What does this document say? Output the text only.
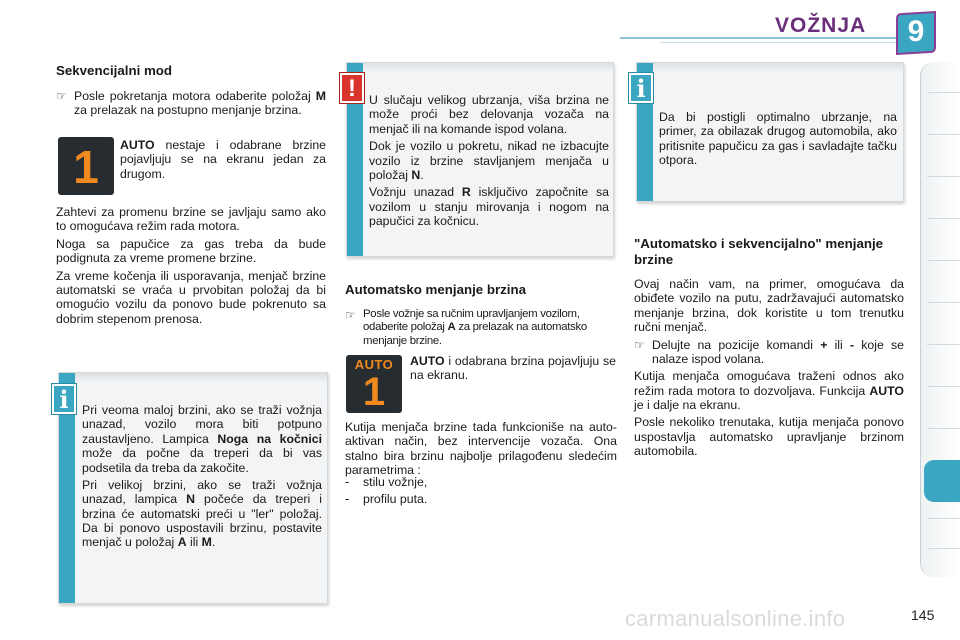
VOŽNJA	9
Sekvencijalni mod
☞ Posle pokretanja motora odaberite položaj M za prelazak na postupno menjanje brzina.
1	AUTO nestaje i odabrane brzine pojavljuju se na ekranu jedan za drugom.

Zahtevi za promenu brzine se javljaju samo ako to omogućava režim rada motora.

Noga sa papučice za gas treba da bude podignuta za vreme promene brzine.

Za vreme kočenja ili usporavanja, menjač brzine automatski se vraća u prvobitan položaj da bi omogućio vozilu da ponovo bude pokrenuto sa dobrim stepenom prenosa.

i	Pri veoma maloj brzini, ako se traži vožnja unazad, vozilo mora biti potpuno zaustavljeno. Lampica Noga na kočnici može da počne da treperi da bi vas podsetila da treba da zakočite.

Pri velikoj brzini, ako se traži vožnja unazad, lampica N počeće da treperi i brzina će automatski preći u "ler" položaj. Da bi ponovo uspostavili brzinu, postavite menjač u položaj A ili M.

!	U slučaju velikog ubrzanja, viša brzina ne može proći bez delovanja vozača na menjač ili na komande ispod volana.

Dok je vozilo u pokretu, nikad ne izbacujte vozilo iz brzine stavljanjem menjača u položaj N.

Vožnju unazad R isključivo započnite sa vozilom u stanju mirovanja i nogom na papučici za kočnicu.

Automatsko menjanje brzina
☞ Posle vožnje sa ručnim upravljanjem vozilom, odaberite položaj A za prelazak na automatsko menjanje brzine.
AUTO
1
AUTO i odabrana brzina pojavljuju se na ekranu.
Kutija menjača brzine tada funkcioniše na auto-aktivan način, bez intervencije vozača. Ona stalno bira brzinu najbolje prilagođenu sledećim parametrima :
-	stilu vožnje,
-	profilu puta.
i
Da bi postigli optimalno ubrzanje, na primer, za obilazak drugog automobila, ako pritisnite papučicu za gas i savladajte tačku otpora.
"Automatsko i sekvencijalno" menjanje brzine

Ovaj način vam, na primer, omogućava da obiđete vozilo na putu, zadržavajući automatsko menjanje brzina, dok koristite u tom trenutku ručni menjač.

☞ Delujte na pozicije komandi + ili - koje se nalaze ispod volana.

Kutija menjača omogućava traženi odnos ako režim rada motora to dozvoljava. Funkcija AUTO je i dalje na ekranu.

Posle nekoliko trenutaka, kutija menjača ponovo uspostavlja automatsko upravljanje brzinom automobila.

carmanualsonline.info	145
